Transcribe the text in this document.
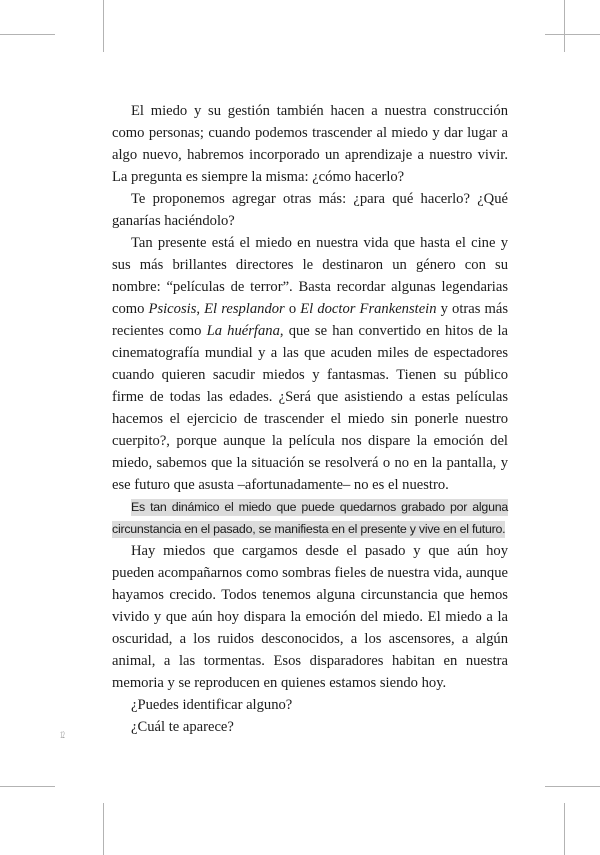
El miedo y su gestión también hacen a nuestra construcción como personas; cuando podemos trascender al miedo y dar lugar a algo nuevo, habremos incorporado un aprendizaje a nuestro vivir. La pregunta es siempre la misma: ¿cómo hacerlo?

Te proponemos agregar otras más: ¿para qué hacerlo? ¿Qué ganarías haciéndolo?

Tan presente está el miedo en nuestra vida que hasta el cine y sus más brillantes directores le destinaron un género con su nombre: “películas de terror”. Basta recordar algunas legendarias como Psicosis, El resplandor o El doctor Frankenstein y otras más recientes como La huérfana, que se han convertido en hitos de la cinematografía mundial y a las que acuden miles de espectadores cuando quieren sacudir miedos y fantasmas. Tienen su público firme de todas las edades. ¿Será que asistiendo a estas películas hacemos el ejercicio de trascender el miedo sin ponerle nuestro cuerpito?, porque aunque la película nos dispare la emoción del miedo, sabemos que la situación se resolverá o no en la pantalla, y ese futuro que asusta –afortunadamente– no es el nuestro.

Es tan dinámico el miedo que puede quedarnos grabado por alguna circunstancia en el pasado, se manifiesta en el presente y vive en el futuro.

Hay miedos que cargamos desde el pasado y que aún hoy pueden acompañarnos como sombras fieles de nuestra vida, aunque hayamos crecido. Todos tenemos alguna circunstancia que hemos vivido y que aún hoy dispara la emoción del miedo. El miedo a la oscuridad, a los ruidos desconocidos, a los ascensores, a algún animal, a las tormentas. Esos disparadores habitan en nuestra memoria y se reproducen en quienes estamos siendo hoy.

¿Puedes identificar alguno?

¿Cuál te aparece?

12
